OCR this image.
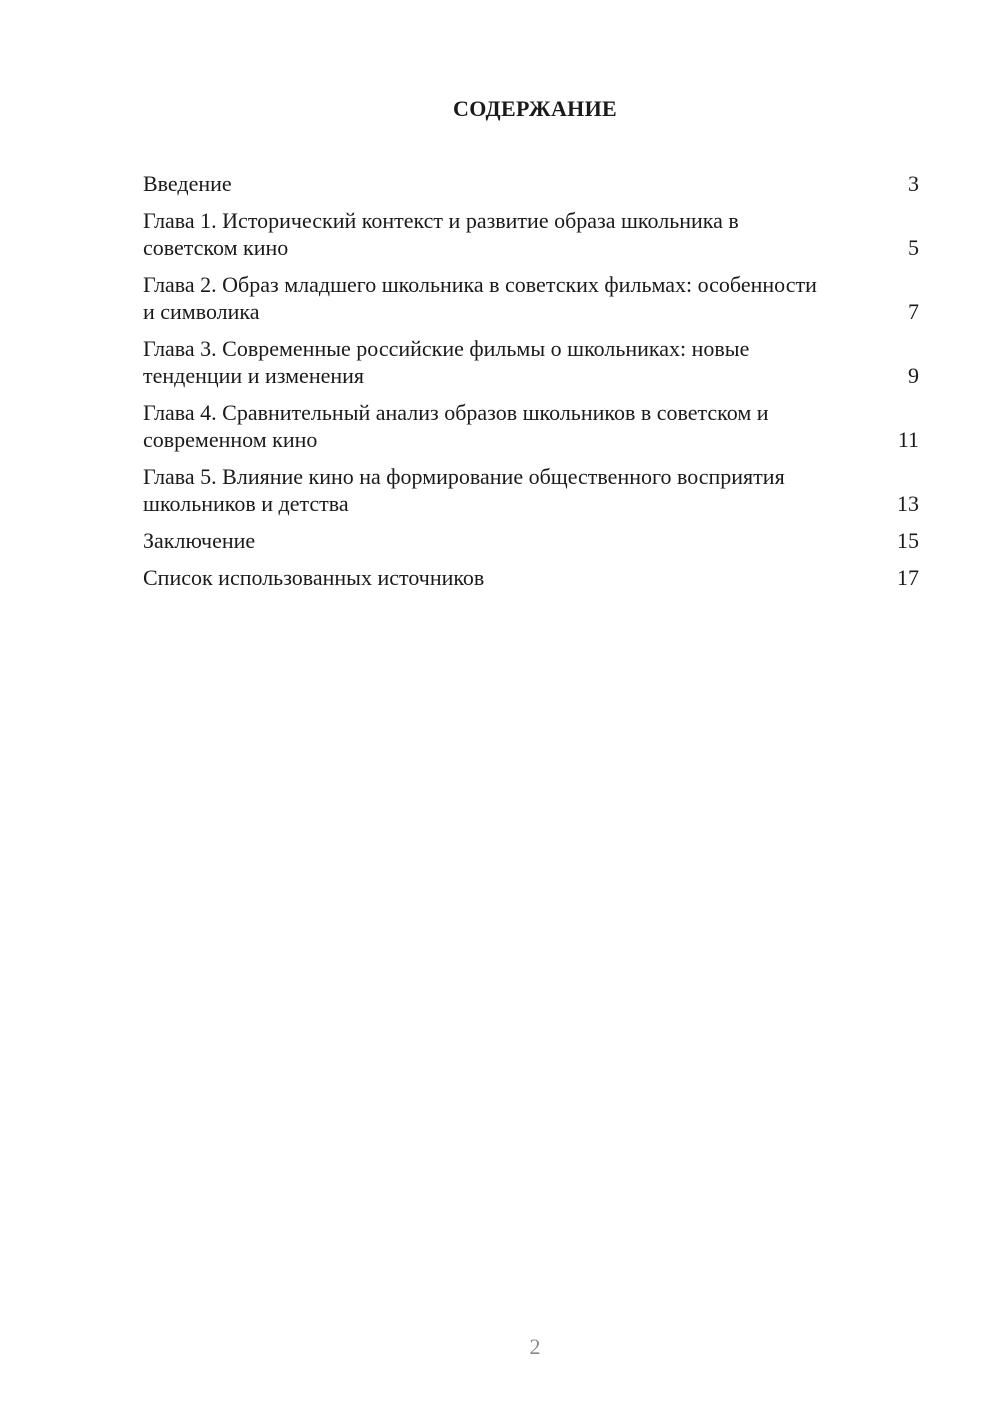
СОДЕРЖАНИЕ
Введение	3
Глава 1. Исторический контекст и развитие образа школьника в советском кино	5
Глава 2. Образ младшего школьника в советских фильмах: особенности и символика	7
Глава 3. Современные российские фильмы о школьниках: новые тенденции и изменения	9
Глава 4. Сравнительный анализ образов школьников в советском и современном кино	11
Глава 5. Влияние кино на формирование общественного восприятия школьников и детства	13
Заключение	15
Список использованных источников	17
2
